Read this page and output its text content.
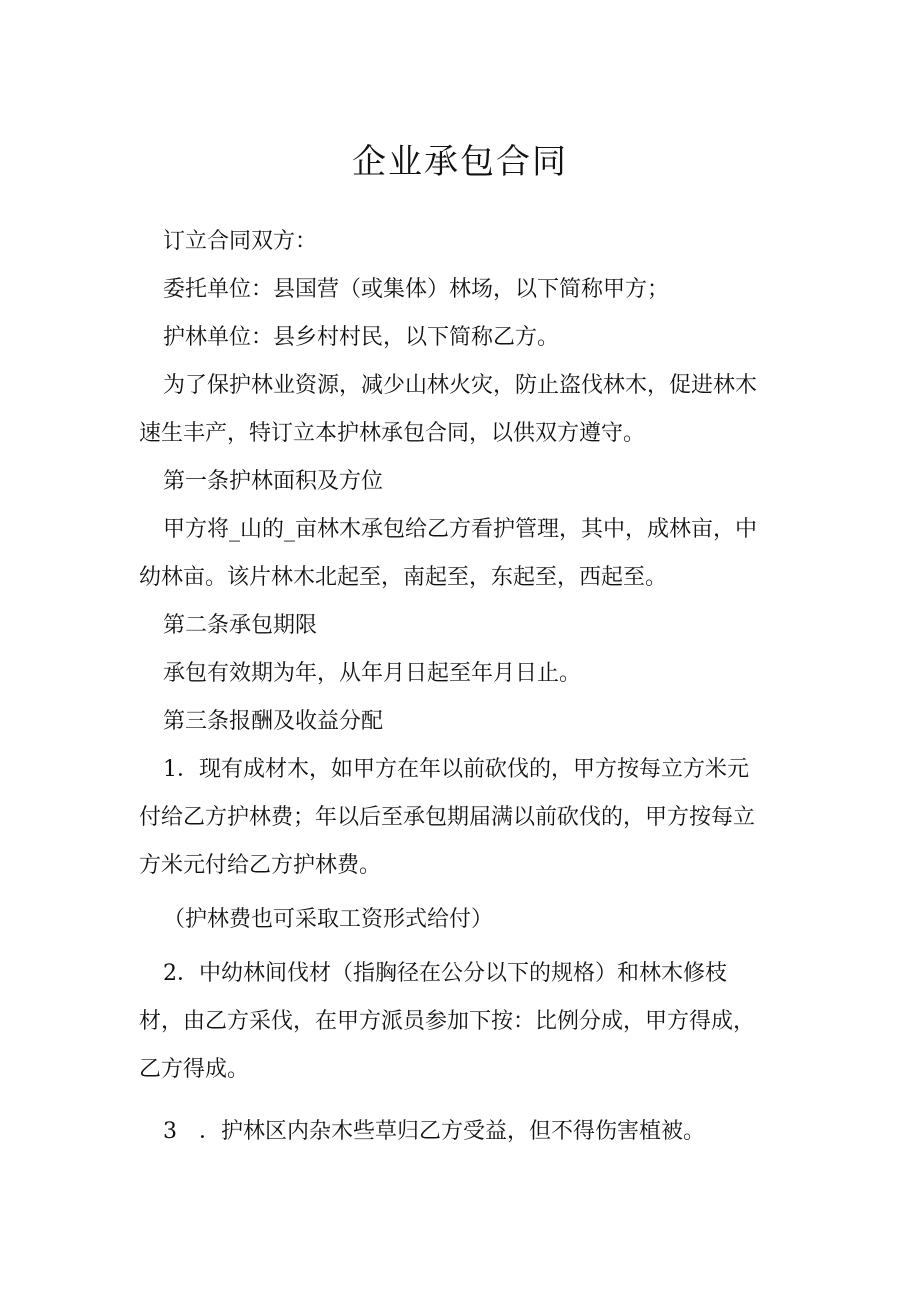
企业承包合同

订立合同双方：

委托单位：县国营（或集体）林场，以下简称甲方；

护林单位：县乡村村民，以下简称乙方。

为了保护林业资源，减少山林火灾，防止盗伐林木，促进林木
速生丰产，特订立本护林承包合同，以供双方遵守。

第一条护林面积及方位

甲方将_山的_亩林木承包给乙方看护管理，其中，成林亩，中
幼林亩。该片林木北起至，南起至，东起至，西起至。

第二条承包期限

承包有效期为年，从年月日起至年月日止。

第三条报酬及收益分配

1．现有成材木，如甲方在年以前砍伐的，甲方按每立方米元
付给乙方护林费；年以后至承包期届满以前砍伐的，甲方按每立
方米元付给乙方护林费。

（护林费也可采取工资形式给付）

2．中幼林间伐材（指胸径在公分以下的规格）和林木修枝
材，由乙方采伐，在甲方派员参加下按：比例分成，甲方得成，
乙方得成。

3　．护林区内杂木些草归乙方受益，但不得伤害植被。
